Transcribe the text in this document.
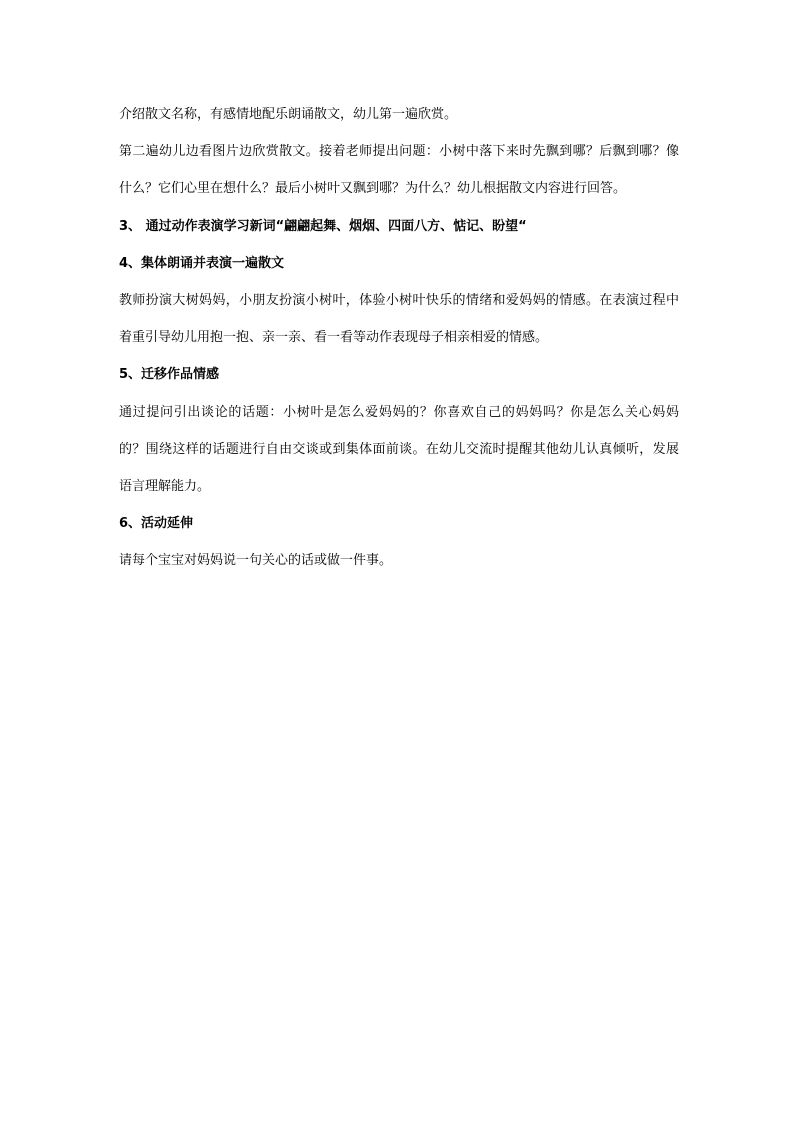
介绍散文名称，有感情地配乐朗诵散文，幼儿第一遍欣赏。
第二遍幼儿边看图片边欣赏散文。接着老师提出问题：小树中落下来时先飘到哪？后飘到哪？像
什么？它们心里在想什么？最后小树叶又飘到哪？为什么？幼儿根据散文内容进行回答。
3、 通过动作表演学习新词“翩翩起舞、烟烟、四面八方、惦记、盼望“
4、集体朗诵并表演一遍散文
教师扮演大树妈妈，小朋友扮演小树叶，体验小树叶快乐的情绪和爱妈妈的情感。在表演过程中
着重引导幼儿用抱一抱、亲一亲、看一看等动作表现母子相亲相爱的情感。
5、迁移作品情感
通过提问引出谈论的话题：小树叶是怎么爱妈妈的？你喜欢自己的妈妈吗？你是怎么关心妈妈
的？围绕这样的话题进行自由交谈或到集体面前谈。在幼儿交流时提醒其他幼儿认真倾听，发展
语言理解能力。
6、活动延伸
请每个宝宝对妈妈说一句关心的话或做一件事。
